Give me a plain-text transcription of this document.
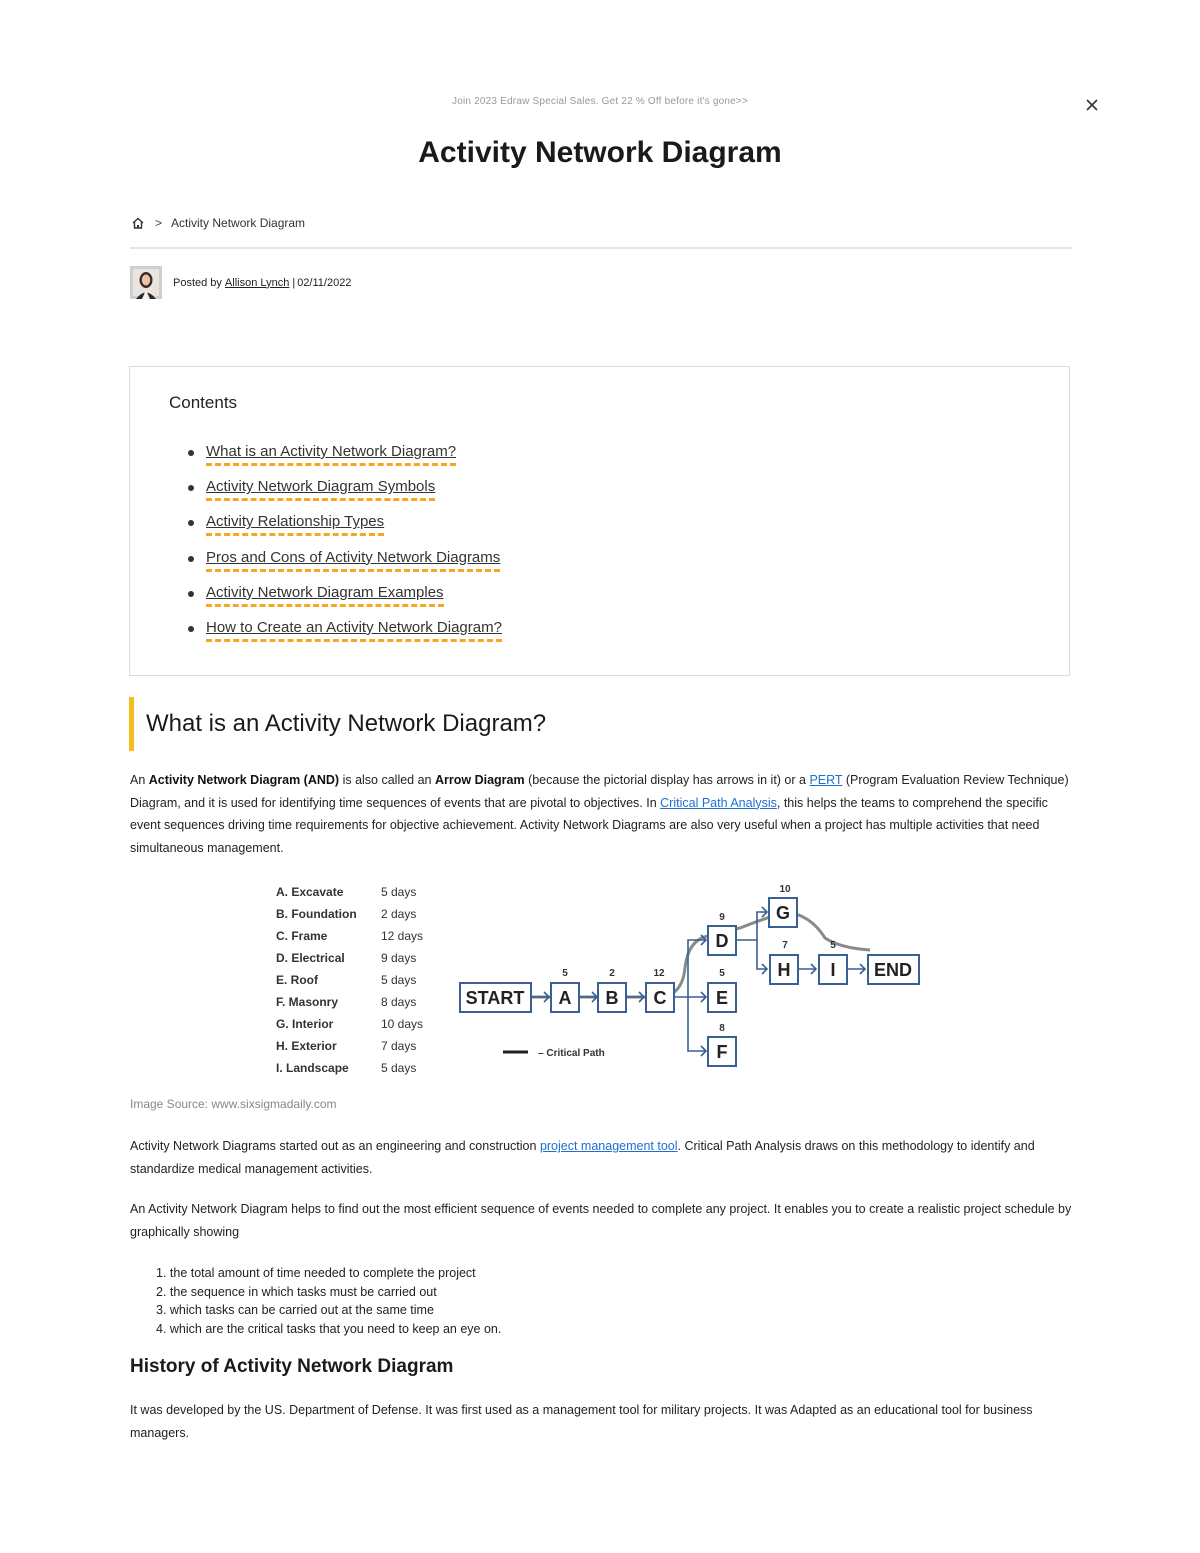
Join 2023 Edraw Special Sales. Get 22 % Off before it's gone>>
Activity Network Diagram
> Activity Network Diagram
Posted by Allison Lynch | 02/11/2022
Contents
What is an Activity Network Diagram?
Activity Network Diagram Symbols
Activity Relationship Types
Pros and Cons of Activity Network Diagrams
Activity Network Diagram Examples
How to Create an Activity Network Diagram?
What is an Activity Network Diagram?

An Activity Network Diagram (AND) is also called an Arrow Diagram (because the pictorial display has arrows in it) or a PERT (Program Evaluation Review Technique) Diagram, and it is used for identifying time sequences of events that are pivotal to objectives. In Critical Path Analysis, this helps the teams to comprehend the specific event sequences driving time requirements for objective achievement. Activity Network Diagrams are also very useful when a project has multiple activities that need simultaneous management.

A. Excavate	5 days
B. Foundation 2 days
C. Frame	12 days
D. Electrical	9 days
E. Roof	5 days
F. Masonry	8 days
G. Interior	10 days
H. Exterior	7 days
I. Landscape	5 days
START A B C
D
E
F
G
H I END
5	2	12
9
5
8
10
7	5
– Critical Path
Image Source: www.sixsigmadaily.com

Activity Network Diagrams started out as an engineering and construction project management tool. Critical Path Analysis draws on this methodology to identify and standardize medical management activities.

An Activity Network Diagram helps to find out the most efficient sequence of events needed to complete any project. It enables you to create a realistic project schedule by graphically showing

1. the total amount of time needed to complete the project
2. the sequence in which tasks must be carried out
3. which tasks can be carried out at the same time
4. which are the critical tasks that you need to keep an eye on.
History of Activity Network Diagram

It was developed by the US. Department of Defense. It was first used as a management tool for military projects. It was Adapted as an educational tool for business managers.
